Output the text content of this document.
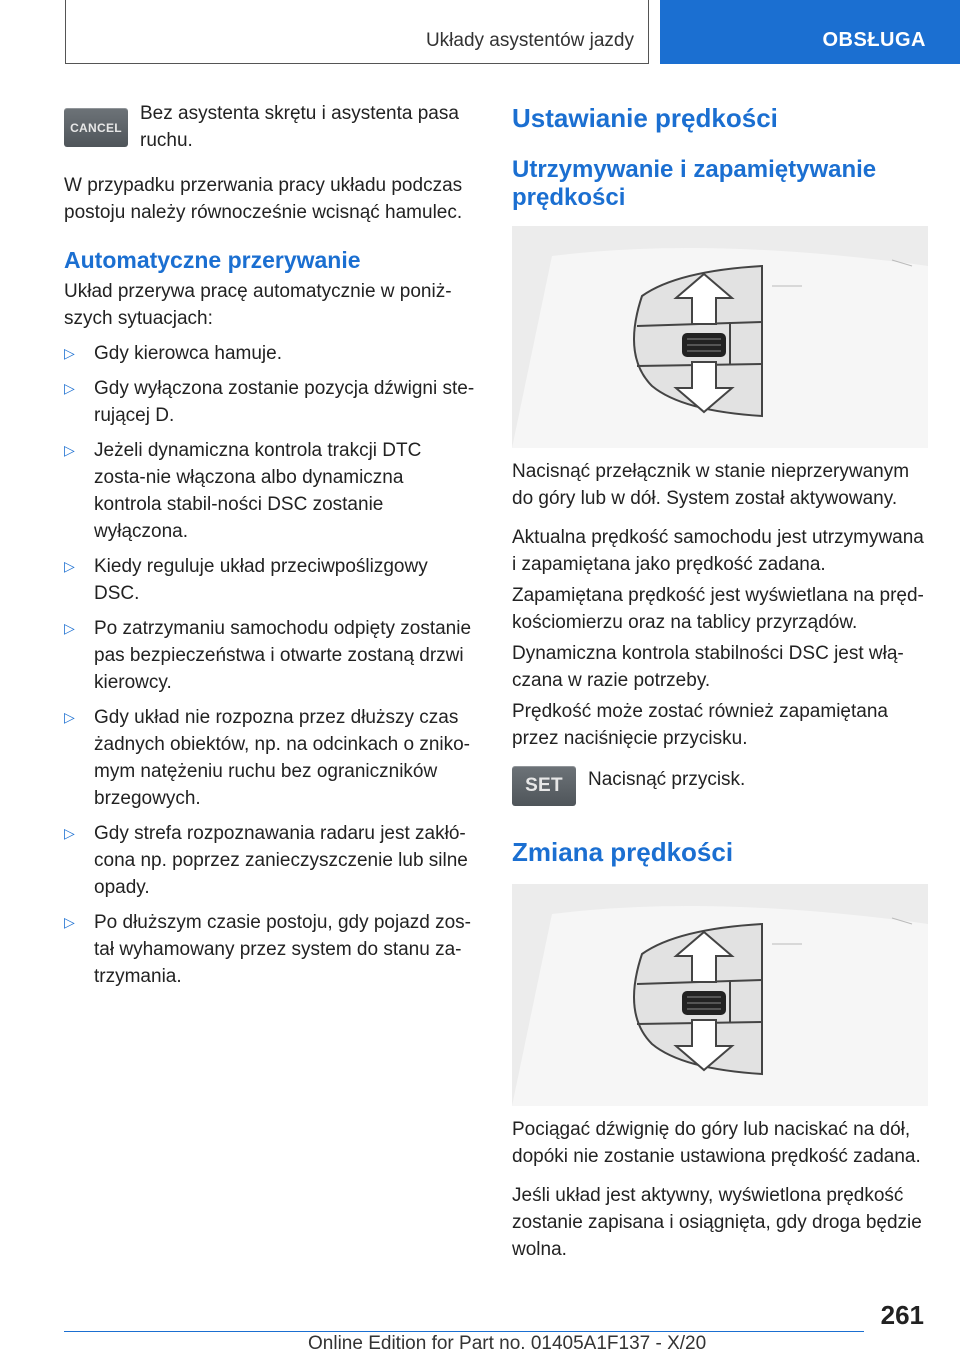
Układy asystentów jazdy	OBSŁUGA
CANCEL

Bez asystenta skrętu i asystenta pasa ruchu.

W przypadku przerwania pracy układu podczas postoju należy równocześnie wcisnąć hamulec.

Automatyczne przerywanie

Układ przerywa pracę automatycznie w poniż-szych sytuacjach:

▷ Gdy kierowca hamuje.
▷ Gdy wyłączona zostanie pozycja dźwigni ste-rującej D.
▷ Jeżeli dynamiczna kontrola trakcji DTC zosta-nie włączona albo dynamiczna kontrola stabil-ności DSC zostanie wyłączona.
▷ Kiedy reguluje układ przeciwpoślizgowy DSC.
▷ Po zatrzymaniu samochodu odpięty zostanie pas bezpieczeństwa i otwarte zostaną drzwi kierowcy.
▷ Gdy układ nie rozpozna przez dłuższy czas żadnych obiektów, np. na odcinkach o zniko-mym natężeniu ruchu bez ograniczników brzegowych.
▷ Gdy strefa rozpoznawania radaru jest zakłó-cona np. poprzez zanieczyszczenie lub silne opady.
▷ Po dłuższym czasie postoju, gdy pojazd zos-tał wyhamowany przez system do stanu za-trzymania.
Ustawianie prędkości
Utrzymywanie i zapamiętywanie prędkości

Nacisnąć przełącznik w stanie nieprzerywanym do góry lub w dół. System został aktywowany.

Aktualna prędkość samochodu jest utrzymywana i zapamiętana jako prędkość zadana.

Zapamiętana prędkość jest wyświetlana na pręd-kościomierzu oraz na tablicy przyrządów.

Dynamiczna kontrola stabilności DSC jest włą-czana w razie potrzeby.

Prędkość może zostać również zapamiętana przez naciśnięcie przycisku.

SET Nacisnąć przycisk.

Zmiana prędkości

Pociągać dźwignię do góry lub naciskać na dół, dopóki nie zostanie ustawiona prędkość zadana.

Jeśli układ jest aktywny, wyświetlona prędkość zostanie zapisana i osiągnięta, gdy droga będzie wolna.

261
Online Edition for Part no. 01405A1F137 - X/20
